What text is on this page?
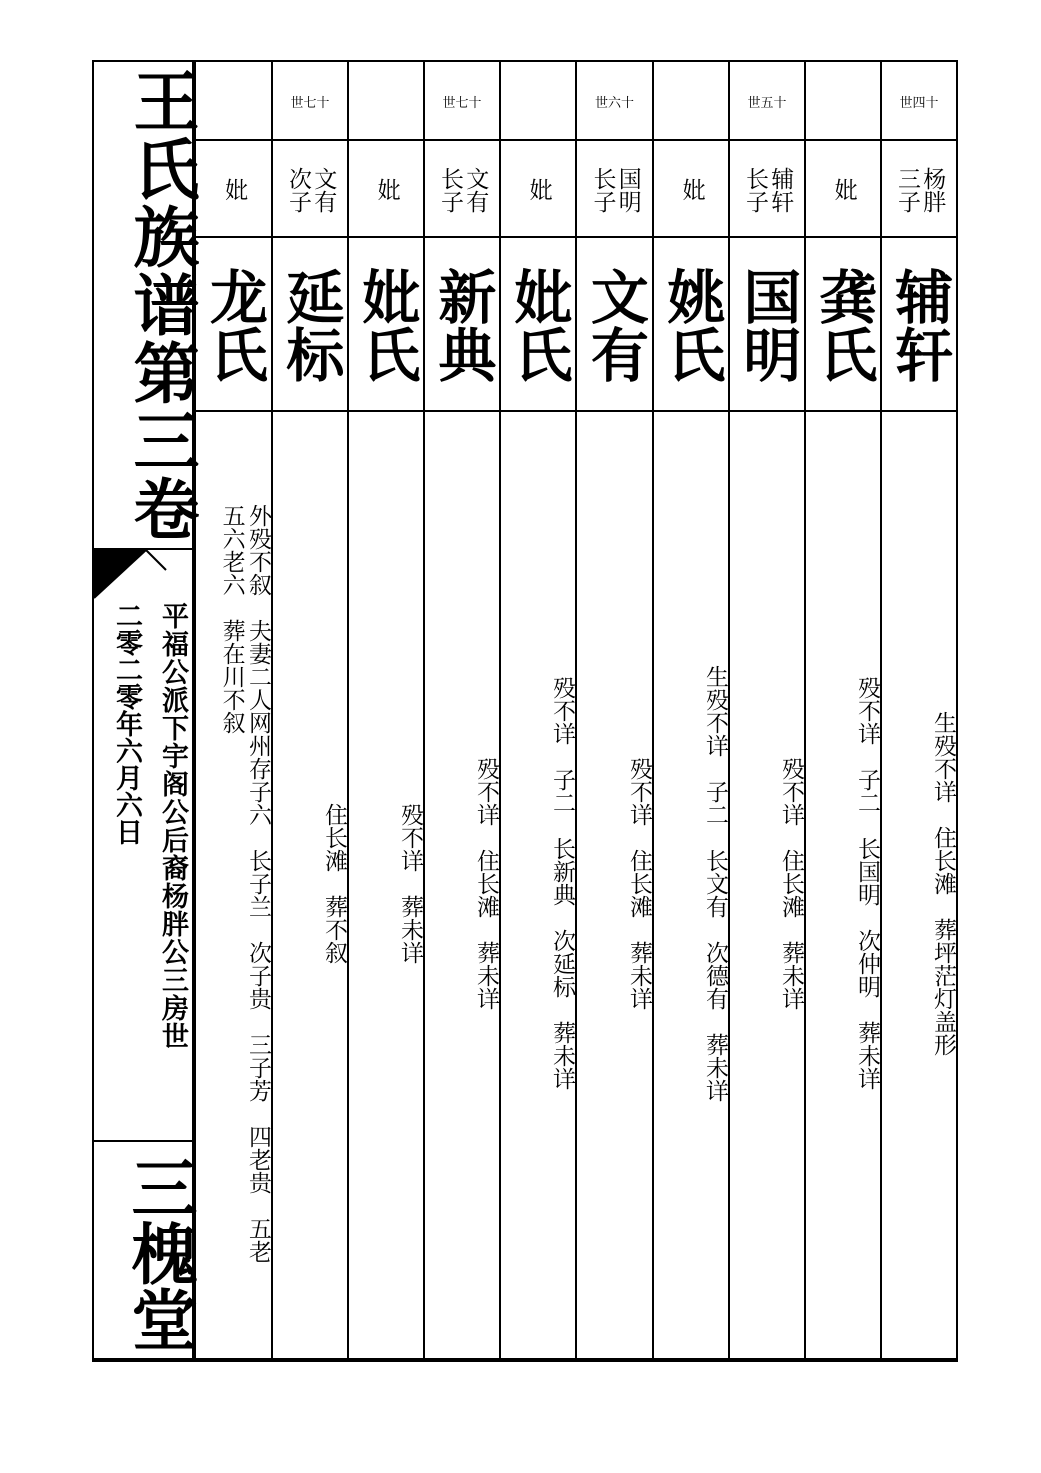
王氏族谱第三卷
平福公派下宇阁公后裔杨胖公三房世
二零二零年六月六日
三槐堂
世四十
杨胖
三子
辅轩
生殁不详　住长滩　葬坪茫灯盖形
妣
龚氏
殁不详　子二　长国明　次仲明　葬未详
世五十
辅轩
长子
国明
殁不详　住长滩　葬未详
妣
姚氏
生殁不详　子二　长文有　次德有　葬未详
世六十
国明
长子
文有
殁不详　住长滩　葬未详
妣
妣氏
殁不详　子二　长新典　次延标　葬未详
世七十
文有
长子
新典
殁不详　住长滩　葬未详
妣
妣氏
殁不详　葬未详
世七十
文有
次子
延标
住长滩　葬不叙
妣
龙氏
外殁不叙　夫妻二人网州存子六　长子兰　次子贵　三子芳　四老贵　五老
五六老六　葬在川不叙
